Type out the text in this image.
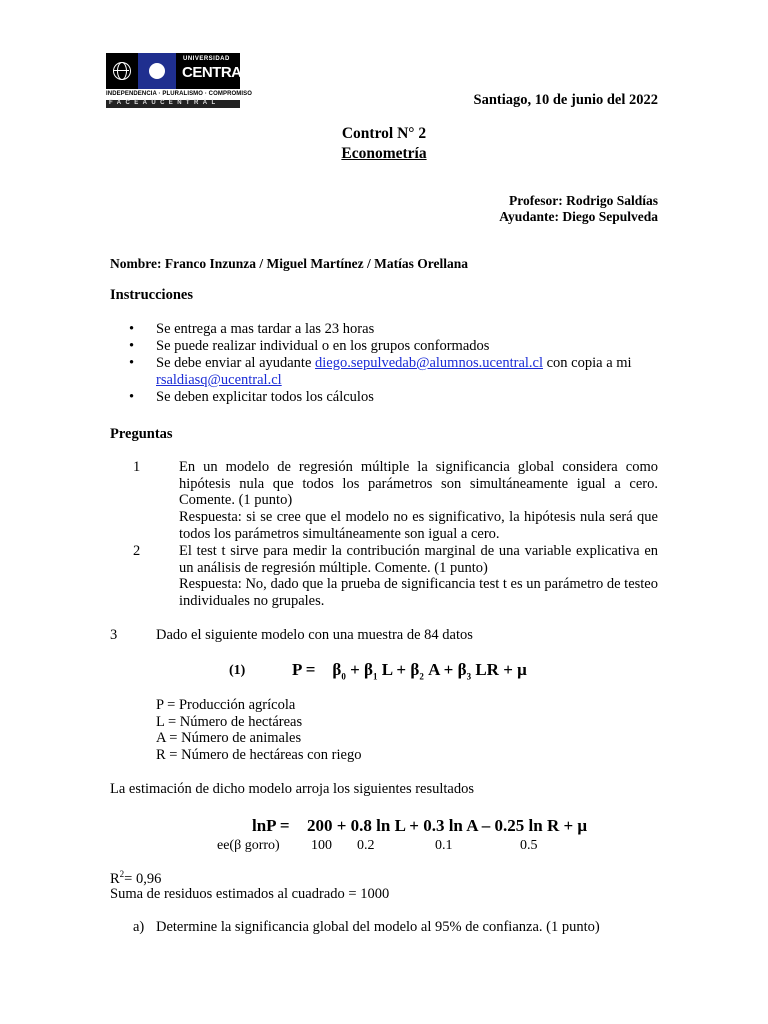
UNIVERSIDAD
CENTRAL
INDEPENDENCIA · PLURALISMO · COMPROMISO
FACEAUCENTRAL	Santiago, 10 de junio del 2022
Control N° 2
Econometría
Profesor: Rodrigo Saldías
Ayudante: Diego Sepulveda
Nombre: Franco Inzunza / Miguel Martínez / Matías Orellana
Instrucciones
• Se entrega a mas tardar a las 23 horas
• Se puede realizar individual o en los grupos conformados
• Se debe enviar al ayudante diego.sepulvedab@alumnos.ucentral.cl con copia a mi
rsaldiasq@ucentral.cl
• Se deben explicitar todos los cálculos
Preguntas
1	En un modelo de regresión múltiple la significancia global considera como hipótesis nula que todos los parámetros son simultáneamente igual a cero. Comente. (1 punto)

Respuesta: si se cree que el modelo no es significativo, la hipótesis nula será que todos los parámetros simultáneamente son igual a cero.

2	El test t sirve para medir la contribución marginal de una variable explicativa en un análisis de regresión múltiple. Comente. (1 punto)

Respuesta: No, dado que la prueba de significancia test t es un parámetro de testeo individuales no grupales.

3	Dado el siguiente modelo con una muestra de 84 datos
(1)	$P = \beta_0 + \beta_1$ $L + \beta_2$ $A + \beta_3$ LR + μ
P = Producción agrícola
L = Número de hectáreas
A = Número de animales
R = Número de hectáreas con riego
La estimación de dicho modelo arroja los siguientes resultados
lnP = 200 + 0.8 ln L + 0.3 ln A – 0.25 ln R + μ
ee(β gorro) 100 0.2	0.1	0.5
$R^2= 0,96$
Suma de residuos estimados al cuadrado = 1000
a) Determine la significancia global del modelo al 95% de confianza. (1 punto)
